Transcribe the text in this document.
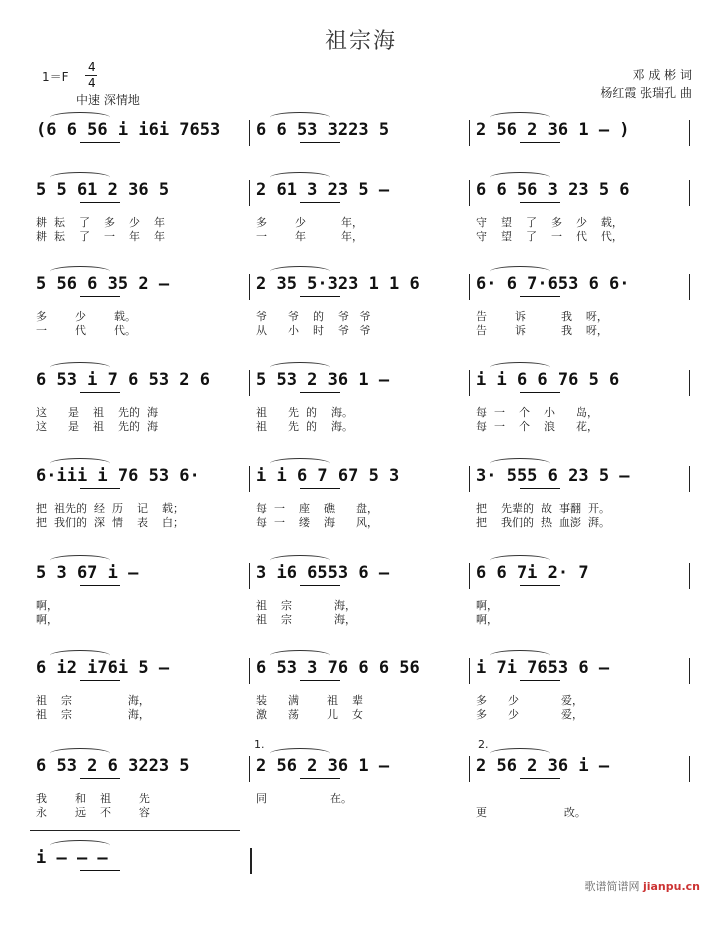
祖宗海
1＝F
4
4
中速 深情地
邓 成 彬 词
杨红霞 张瑞孔 曲
(6 6 56 i i6i 7653	6 6 53 3223 5	2 56 2 36 1 – )
5 5 61 2 36 5
耕  耘    了    多    少    年
耕  耘    了    一    年    年
2 61 3 23 5 –
多        少          年，
一        年          年，
6 6 56 3 23 5 6
守    望    了    多    少    载，
守    望    了    一    代    代，
5 56 6 35 2 –
多        少        载。
一        代        代。
2 35 5·323 1 1 6
爷      爷    的    爷   爷
从      小    时    爷   爷
6· 6 7·653 6 6·
告        诉          我    呀，
告        诉          我    呀，
6 53 i 7 6 53 2 6
这      是    祖    先的  海
这      是    祖    先的  海
5 53 2 36 1 –
祖      先  的    海。
祖      先  的    海。
i i 6 6 76 5 6
每  一    个    小      岛，
每  一    个    浪      花，
6·iii i 76 53 6·
把  祖先的  经  历    记    载；
把  我们的  深  情    表    白；
i i 6 7 67 5 3
每  一    座    礁      盘，
每  一    缕    海      风，
3· 555 6 23 5 –
把    先辈的  故  事翻  开。
把    我们的  热  血澎  湃。
5 3 67 i –
啊，
啊，
3 i6 6553 6 –
祖    宗            海，
祖    宗            海，
6 6 7i 2· 7
啊，
啊，
6 i2 i76i 5 –
祖    宗                海，
祖    宗                海，
6 53 3 76 6 6 56
装      满        祖    辈
激      荡        儿    女
i 7i 7653 6 –
多      少            爱，
多      少            爱，
6 53 2 6 3223 5
我        和    祖        先
永        远    不        容
2 56 2 36 1 –
同                  在。
2 56 2 36 i –
更                      改。
1.	2.
i – – –
歌谱简谱网 jianpu.cn
